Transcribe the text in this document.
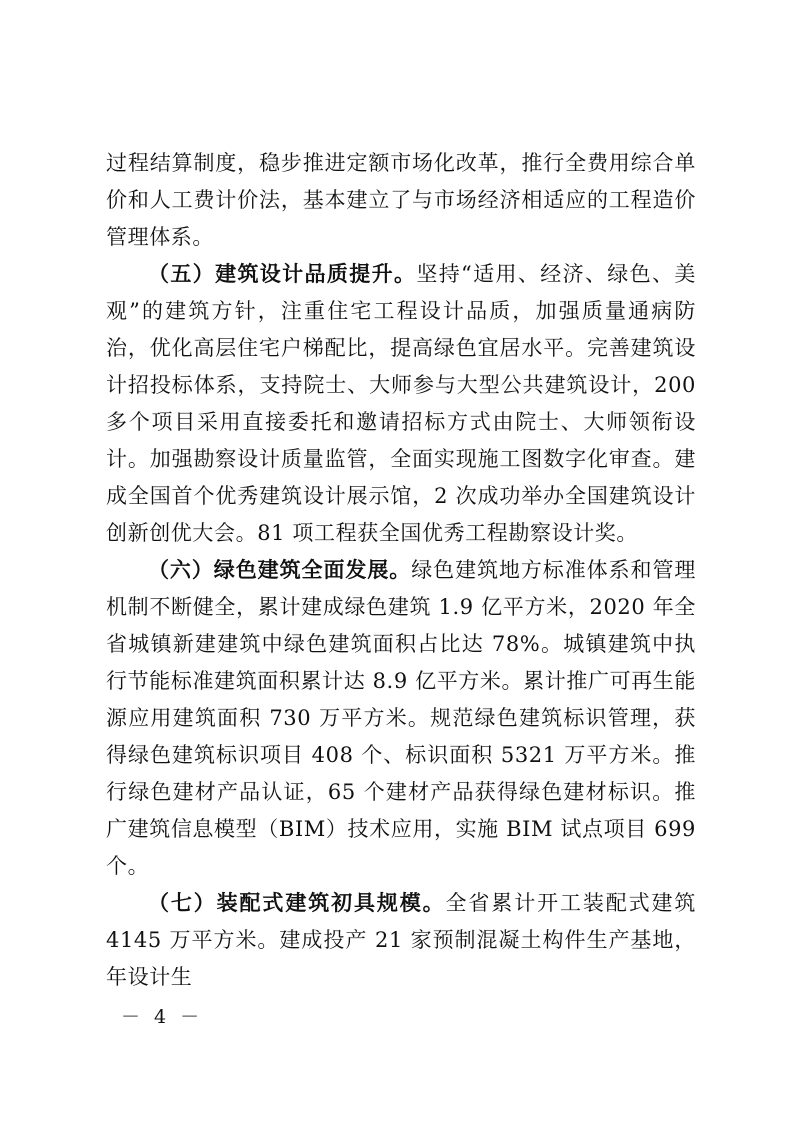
过程结算制度，稳步推进定额市场化改革，推行全费用综合单价和人工费计价法，基本建立了与市场经济相适应的工程造价管理体系。

（五）建筑设计品质提升。坚持“适用、经济、绿色、美观”的建筑方针，注重住宅工程设计品质，加强质量通病防治，优化高层住宅户梯配比，提高绿色宜居水平。完善建筑设计招投标体系，支持院士、大师参与大型公共建筑设计，200 多个项目采用直接委托和邀请招标方式由院士、大师领衔设计。加强勘察设计质量监管，全面实现施工图数字化审查。建成全国首个优秀建筑设计展示馆，2 次成功举办全国建筑设计创新创优大会。81 项工程获全国优秀工程勘察设计奖。

（六）绿色建筑全面发展。绿色建筑地方标准体系和管理机制不断健全，累计建成绿色建筑 1.9 亿平方米，2020 年全省城镇新建建筑中绿色建筑面积占比达 78%。城镇建筑中执行节能标准建筑面积累计达 8.9 亿平方米。累计推广可再生能源应用建筑面积 730 万平方米。规范绿色建筑标识管理，获得绿色建筑标识项目 408 个、标识面积 5321 万平方米。推行绿色建材产品认证，65 个建材产品获得绿色建材标识。推广建筑信息模型（BIM）技术应用，实施 BIM 试点项目 699 个。

（七）装配式建筑初具规模。全省累计开工装配式建筑 4145 万平方米。建成投产 21 家预制混凝土构件生产基地，年设计生

－ 4 －
